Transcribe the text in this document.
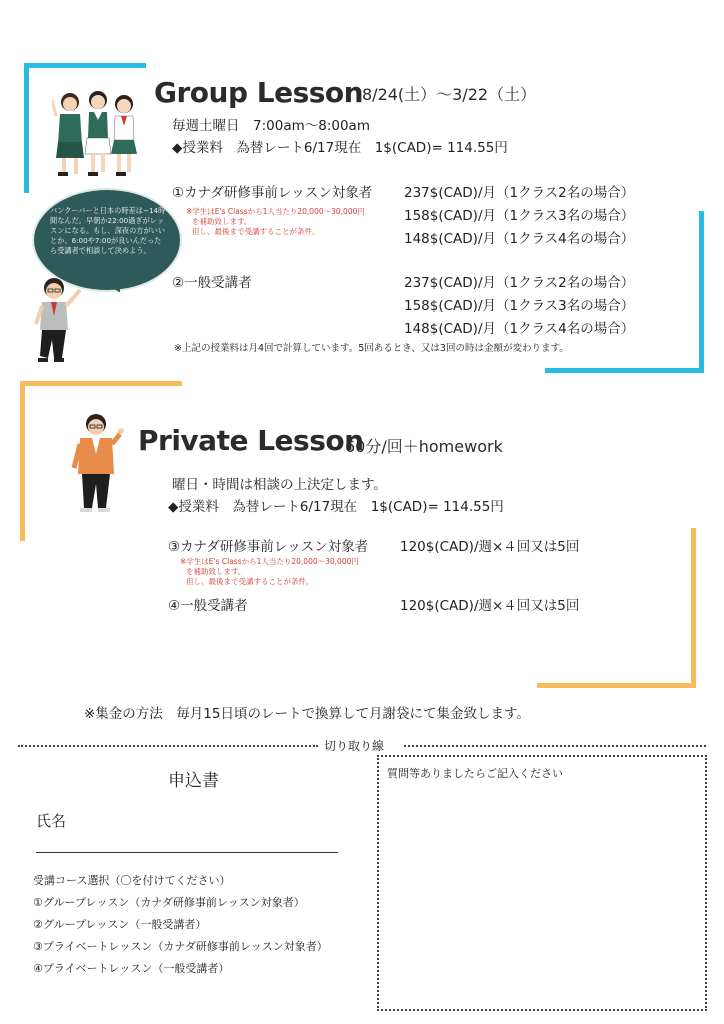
Group Lesson
8/24(土）〜3/22（土）
毎週土曜日　7:00am〜8:00am
◆授業料　為替レート6/17現在　1$(CAD)= 114.55円
①カナダ研修事前レッスン対象者 237$(CAD)/月（1クラス2名の場合）
158$(CAD)/月（1クラス3名の場合）
148$(CAD)/月（1クラス4名の場合）
※学生はE's Classから1人当たり20,000〜30,000円
を補助致します。
但し、最後まで受講することが条件。
バンクーバーと日本の時差は−14時間なんだ。早朝か22:00過ぎがレッスンになる。もし、深夜の方がいいとか、6:00や7:00が良いんだったら受講者で相談して決めよう。
②一般受講者	237$(CAD)/月（1クラス2名の場合）
158$(CAD)/月（1クラス3名の場合）
148$(CAD)/月（1クラス4名の場合）
※上記の授業料は月4回で計算しています。5回あるとき、又は3回の時は金額が変わります。
Private Lesson
60分/回＋homework
曜日・時間は相談の上決定します。
◆授業料　為替レート6/17現在　1$(CAD)= 114.55円
③カナダ研修事前レッスン対象者 120$(CAD)/週×４回又は5回
※学生はE's Classから1人当たり20,000〜30,000円
を補助致します。
但し、最後まで受講することが条件。
④一般受講者	120$(CAD)/週×４回又は5回
※集金の方法　毎月15日頃のレートで換算して月謝袋にて集金致します。
切り取り線
申込書
氏名
受講コース選択（〇を付けてください）
①グループレッスン（カナダ研修事前レッスン対象者）
②グループレッスン（一般受講者）
③プライベートレッスン（カナダ研修事前レッスン対象者）
④プライベートレッスン（一般受講者）
質問等ありましたらご記入ください
